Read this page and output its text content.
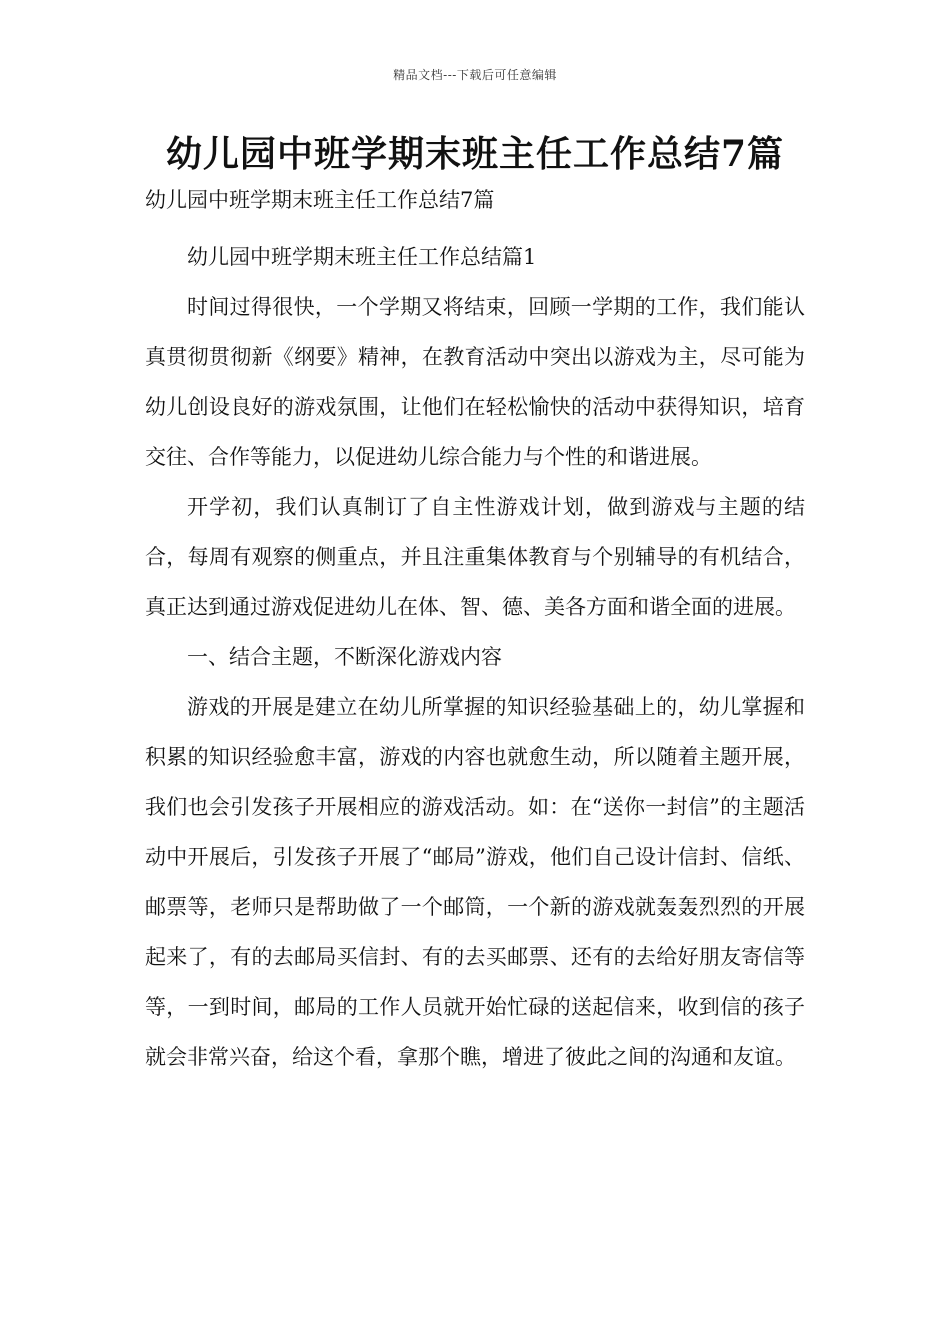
精品文档---下载后可任意编辑
幼儿园中班学期末班主任工作总结7篇
幼儿园中班学期末班主任工作总结7篇

幼儿园中班学期末班主任工作总结篇1

时间过得很快，一个学期又将结束，回顾一学期的工作，我们能认真贯彻贯彻新《纲要》精神，在教育活动中突出以游戏为主，尽可能为幼儿创设良好的游戏氛围，让他们在轻松愉快的活动中获得知识，培育交往、合作等能力，以促进幼儿综合能力与个性的和谐进展。

开学初，我们认真制订了自主性游戏计划，做到游戏与主题的结合，每周有观察的侧重点，并且注重集体教育与个别辅导的有机结合，真正达到通过游戏促进幼儿在体、智、德、美各方面和谐全面的进展。

一、结合主题，不断深化游戏内容

游戏的开展是建立在幼儿所掌握的知识经验基础上的，幼儿掌握和积累的知识经验愈丰富，游戏的内容也就愈生动，所以随着主题开展，我们也会引发孩子开展相应的游戏活动。如：在“送你一封信”的主题活动中开展后，引发孩子开展了“邮局”游戏，他们自己设计信封、信纸、邮票等，老师只是帮助做了一个邮筒，一个新的游戏就轰轰烈烈的开展起来了，有的去邮局买信封、有的去买邮票、还有的去给好朋友寄信等等，一到时间，邮局的工作人员就开始忙碌的送起信来，收到信的孩子就会非常兴奋，给这个看，拿那个瞧，增进了彼此之间的沟通和友谊。
